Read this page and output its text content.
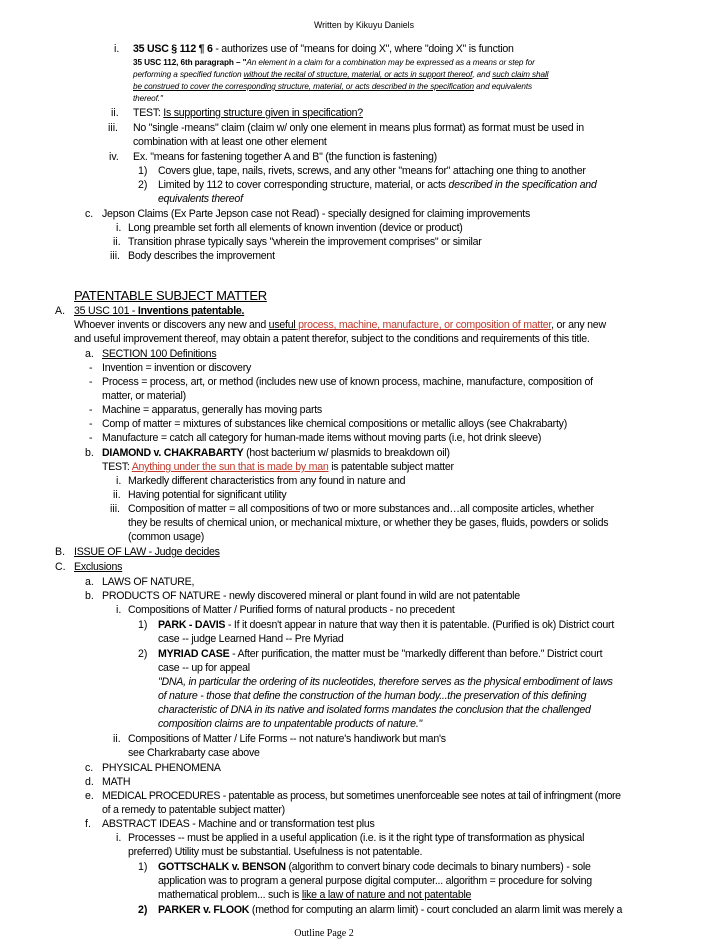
Written by Kikuyu Daniels
i. 35 USC § 112 ¶ 6 - authorizes use of "means for doing X", where "doing X" is function
35 USC 112, 6th paragraph – "An element in a claim for a combination may be expressed as a means or step for
performing a specified function without the recital of structure, material, or acts in support thereof, and such claim shall
be construed to cover the corresponding structure, material, or acts described in the specification and equivalents
thereof."
ii. TEST: Is supporting structure given in specification?
iii. No "single -means" claim (claim w/ only one element in means plus format) as format must be used in
combination with at least one other element
iv. Ex. "means for fastening together A and B" (the function is fastening)
1) Covers glue, tape, nails, rivets, screws, and any other "means for" attaching one thing to another
2) Limited by 112 to cover corresponding structure, material, or acts described in the specification and
equivalents thereof
c. Jepson Claims (Ex Parte Jepson case not Read) - specially designed for claiming improvements
i. Long preamble set forth all elements of known invention (device or product)
ii. Transition phrase typically says "wherein the improvement comprises" or similar
iii. Body describes the improvement
PATENTABLE SUBJECT MATTER
A. 35 USC 101 - Inventions patentable.
Whoever invents or discovers any new and useful process, machine, manufacture, or composition of matter, or any new
and useful improvement thereof, may obtain a patent therefor, subject to the conditions and requirements of this title.
a. SECTION 100 Definitions
- Invention = invention or discovery
- Process = process, art, or method (includes new use of known process, machine, manufacture, composition of
matter, or material)
- Machine = apparatus, generally has moving parts
- Comp of matter = mixtures of substances like chemical compositions or metallic alloys (see Chakrabarty)
- Manufacture = catch all category for human-made items without moving parts (i.e, hot drink sleeve)
b. DIAMOND v. CHAKRABARTY (host bacterium w/ plasmids to breakdown oil)
TEST: Anything under the sun that is made by man is patentable subject matter
i. Markedly different characteristics from any found in nature and
ii. Having potential for significant utility
iii. Composition of matter = all compositions of two or more substances and…all composite articles, whether
they be results of chemical union, or mechanical mixture, or whether they be gases, fluids, powders or solids
(common usage)
B. ISSUE OF LAW - Judge decides
C. Exclusions
a. LAWS OF NATURE,
b. PRODUCTS OF NATURE - newly discovered mineral or plant found in wild are not patentable
i. Compositions of Matter / Purified forms of natural products - no precedent
1) PARK - DAVIS - If it doesn't appear in nature that way then it is patentable. (Purified is ok) District court
case -- judge Learned Hand -- Pre Myriad
2) MYRIAD CASE - After purification, the matter must be "markedly different than before." District court
case -- up for appeal
"DNA, in particular the ordering of its nucleotides, therefore serves as the physical embodiment of laws
of nature - those that define the construction of the human body...the preservation of this defining
characteristic of DNA in its native and isolated forms mandates the conclusion that the challenged
composition claims are to unpatentable products of nature."
ii. Compositions of Matter / Life Forms -- not nature's handiwork but man's
see Charkrabarty case above
c. PHYSICAL PHENOMENA
d. MATH
e. MEDICAL PROCEDURES - patentable as process, but sometimes unenforceable see notes at tail of infringment (more
of a remedy to patentable subject matter)
f. ABSTRACT IDEAS - Machine and or transformation test plus
i. Processes -- must be applied in a useful application (i.e. is it the right type of transformation as physical
preferred) Utility must be substantial. Usefulness is not patentable.
1) GOTTSCHALK v. BENSON (algorithm to convert binary code decimals to binary numbers) - sole
application was to program a general purpose digital computer... algorithm = procedure for solving
mathematical problem... such is like a law of nature and not patentable
2) PARKER v. FLOOK (method for computing an alarm limit) - court concluded an alarm limit was merely a
Outline Page 2
